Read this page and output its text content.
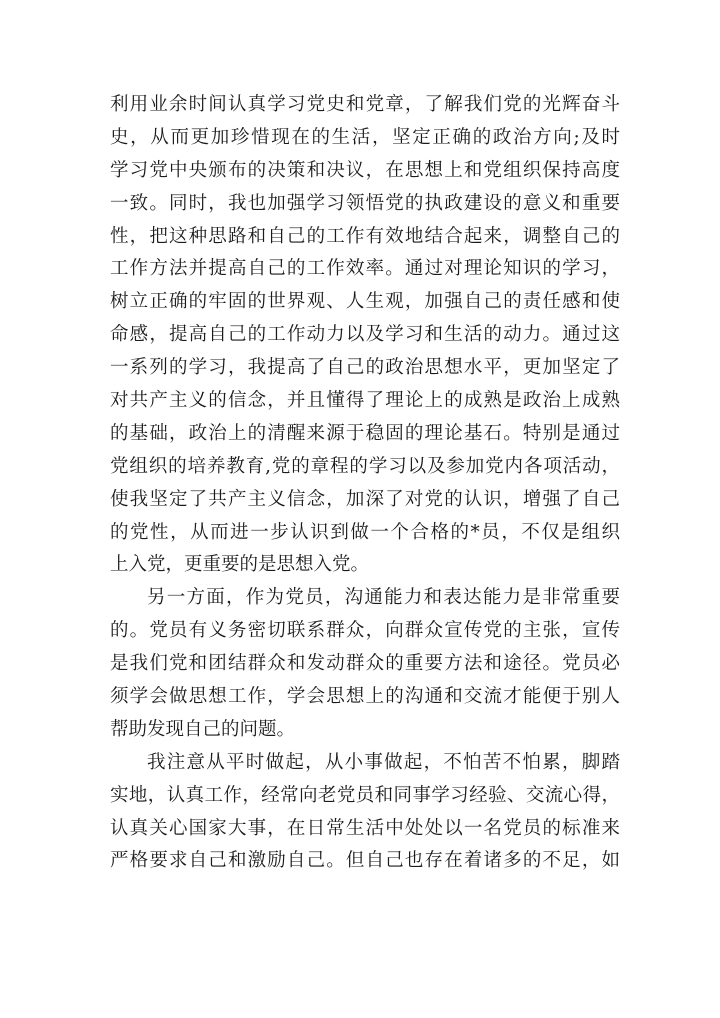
利用业余时间认真学习党史和党章，了解我们党的光辉奋斗
史，从而更加珍惜现在的生活，坚定正确的政治方向;及时
学习党中央颁布的决策和决议，在思想上和党组织保持高度
一致。同时，我也加强学习领悟党的执政建设的意义和重要
性，把这种思路和自己的工作有效地结合起来，调整自己的
工作方法并提高自己的工作效率。通过对理论知识的学习，
树立正确的牢固的世界观、人生观，加强自己的责任感和使
命感，提高自己的工作动力以及学习和生活的动力。通过这
一系列的学习，我提高了自己的政治思想水平，更加坚定了
对共产主义的信念，并且懂得了理论上的成熟是政治上成熟
的基础，政治上的清醒来源于稳固的理论基石。特别是通过
党组织的培养教育,党的章程的学习以及参加党内各项活动，
使我坚定了共产主义信念，加深了对党的认识，增强了自己
的党性，从而进一步认识到做一个合格的*员，不仅是组织
上入党，更重要的是思想入党。
另一方面，作为党员，沟通能力和表达能力是非常重要
的。党员有义务密切联系群众，向群众宣传党的主张，宣传
是我们党和团结群众和发动群众的重要方法和途径。党员必
须学会做思想工作，学会思想上的沟通和交流才能便于别人
帮助发现自己的问题。
我注意从平时做起，从小事做起，不怕苦不怕累，脚踏
实地，认真工作，经常向老党员和同事学习经验、交流心得，
认真关心国家大事，在日常生活中处处以一名党员的标准来
严格要求自己和激励自己。但自己也存在着诸多的不足，如
